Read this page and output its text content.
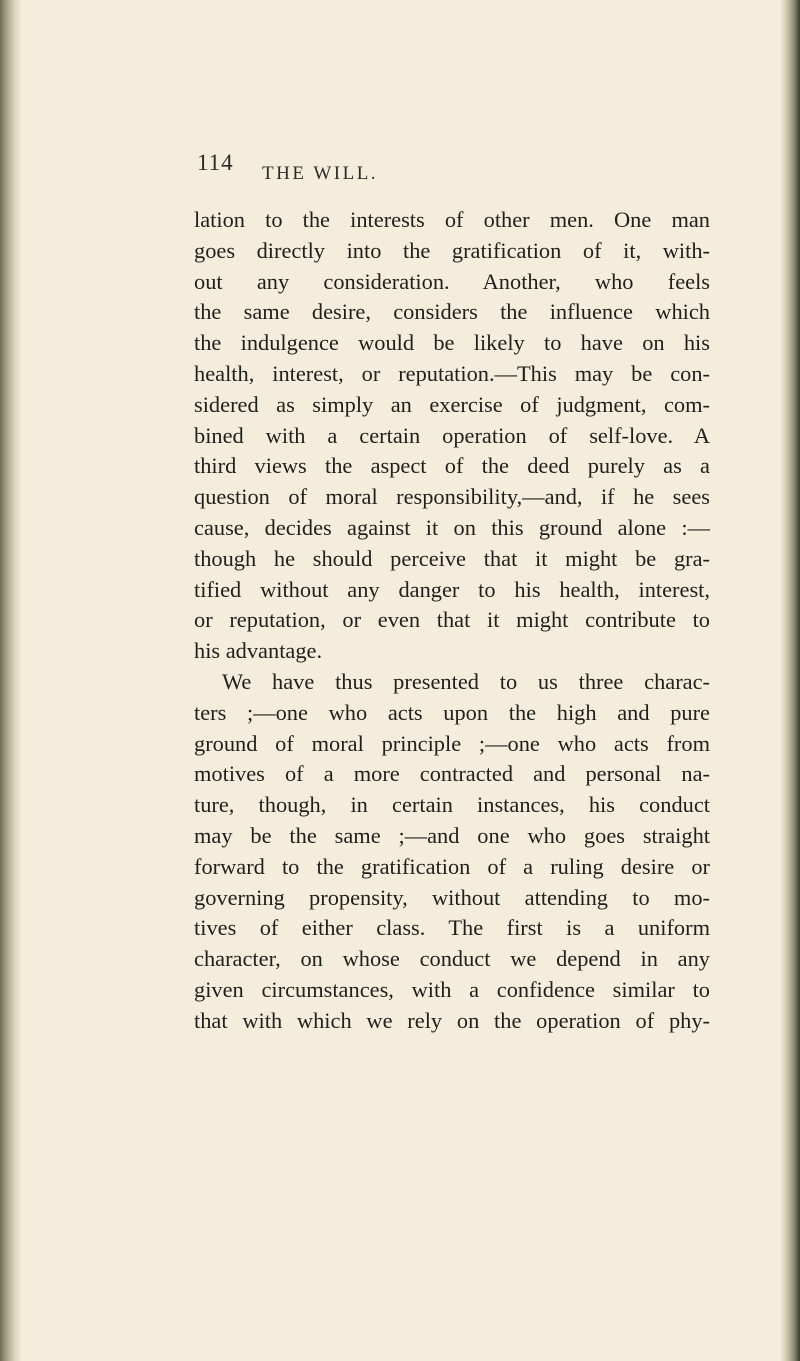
114 THE WILL.
lation to the interests of other men. One man
goes directly into the gratification of it, with-
out any consideration. Another, who feels
the same desire, considers the influence which
the indulgence would be likely to have on his
health, interest, or reputation.—This may be con-
sidered as simply an exercise of judgment, com-
bined with a certain operation of self-love. A
third views the aspect of the deed purely as a
question of moral responsibility,—and, if he sees
cause, decides against it on this ground alone :—
though he should perceive that it might be gra-
tified without any danger to his health, interest,
or reputation, or even that it might contribute to
his advantage.
We have thus presented to us three charac-
ters ;—one who acts upon the high and pure
ground of moral principle ;—one who acts from
motives of a more contracted and personal na-
ture, though, in certain instances, his conduct
may be the same ;—and one who goes straight
forward to the gratification of a ruling desire or
governing propensity, without attending to mo-
tives of either class. The first is a uniform
character, on whose conduct we depend in any
given circumstances, with a confidence similar to
that with which we rely on the operation of phy-
